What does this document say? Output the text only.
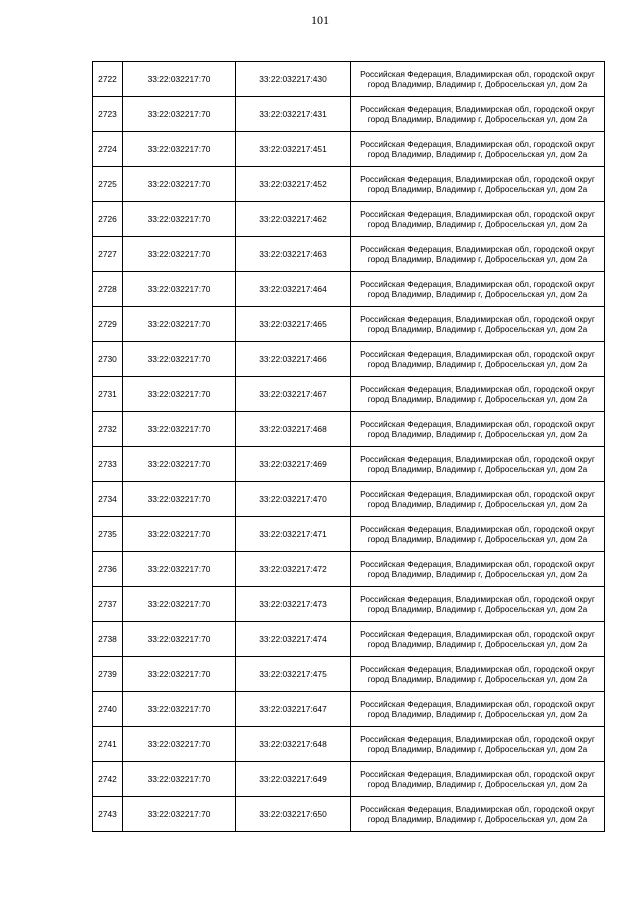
101
2722	33:22:032217:70	33:22:032217:430	Российская Федерация, Владимирская обл, городской округ
город Владимир, Владимир г, Добросельская ул, дом 2а
2723	33:22:032217:70	33:22:032217:431	Российская Федерация, Владимирская обл, городской округ
город Владимир, Владимир г, Добросельская ул, дом 2а
2724	33:22:032217:70	33:22:032217:451	Российская Федерация, Владимирская обл, городской округ
город Владимир, Владимир г, Добросельская ул, дом 2а
2725	33:22:032217:70	33:22:032217:452	Российская Федерация, Владимирская обл, городской округ
город Владимир, Владимир г, Добросельская ул, дом 2а
2726	33:22:032217:70	33:22:032217:462	Российская Федерация, Владимирская обл, городской округ
город Владимир, Владимир г, Добросельская ул, дом 2а
2727	33:22:032217:70	33:22:032217:463	Российская Федерация, Владимирская обл, городской округ
город Владимир, Владимир г, Добросельская ул, дом 2а
2728	33:22:032217:70	33:22:032217:464	Российская Федерация, Владимирская обл, городской округ
город Владимир, Владимир г, Добросельская ул, дом 2а
2729	33:22:032217:70	33:22:032217:465	Российская Федерация, Владимирская обл, городской округ
город Владимир, Владимир г, Добросельская ул, дом 2а
2730	33:22:032217:70	33:22:032217:466	Российская Федерация, Владимирская обл, городской округ
город Владимир, Владимир г, Добросельская ул, дом 2а
2731	33:22:032217:70	33:22:032217:467	Российская Федерация, Владимирская обл, городской округ
город Владимир, Владимир г, Добросельская ул, дом 2а
2732	33:22:032217:70	33:22:032217:468	Российская Федерация, Владимирская обл, городской округ
город Владимир, Владимир г, Добросельская ул, дом 2а
2733	33:22:032217:70	33:22:032217:469	Российская Федерация, Владимирская обл, городской округ
город Владимир, Владимир г, Добросельская ул, дом 2а
2734	33:22:032217:70	33:22:032217:470	Российская Федерация, Владимирская обл, городской округ
город Владимир, Владимир г, Добросельская ул, дом 2а
2735	33:22:032217:70	33:22:032217:471	Российская Федерация, Владимирская обл, городской округ
город Владимир, Владимир г, Добросельская ул, дом 2а
2736	33:22:032217:70	33:22:032217:472	Российская Федерация, Владимирская обл, городской округ
город Владимир, Владимир г, Добросельская ул, дом 2а
2737	33:22:032217:70	33:22:032217:473	Российская Федерация, Владимирская обл, городской округ
город Владимир, Владимир г, Добросельская ул, дом 2а
2738	33:22:032217:70	33:22:032217:474	Российская Федерация, Владимирская обл, городской округ
город Владимир, Владимир г, Добросельская ул, дом 2а
2739	33:22:032217:70	33:22:032217:475	Российская Федерация, Владимирская обл, городской округ
город Владимир, Владимир г, Добросельская ул, дом 2а
2740	33:22:032217:70	33:22:032217:647	Российская Федерация, Владимирская обл, городской округ
город Владимир, Владимир г, Добросельская ул, дом 2а
2741	33:22:032217:70	33:22:032217:648	Российская Федерация, Владимирская обл, городской округ
город Владимир, Владимир г, Добросельская ул, дом 2а
2742	33:22:032217:70	33:22:032217:649	Российская Федерация, Владимирская обл, городской округ
город Владимир, Владимир г, Добросельская ул, дом 2а
2743	33:22:032217:70	33:22:032217:650	Российская Федерация, Владимирская обл, городской округ
город Владимир, Владимир г, Добросельская ул, дом 2а
